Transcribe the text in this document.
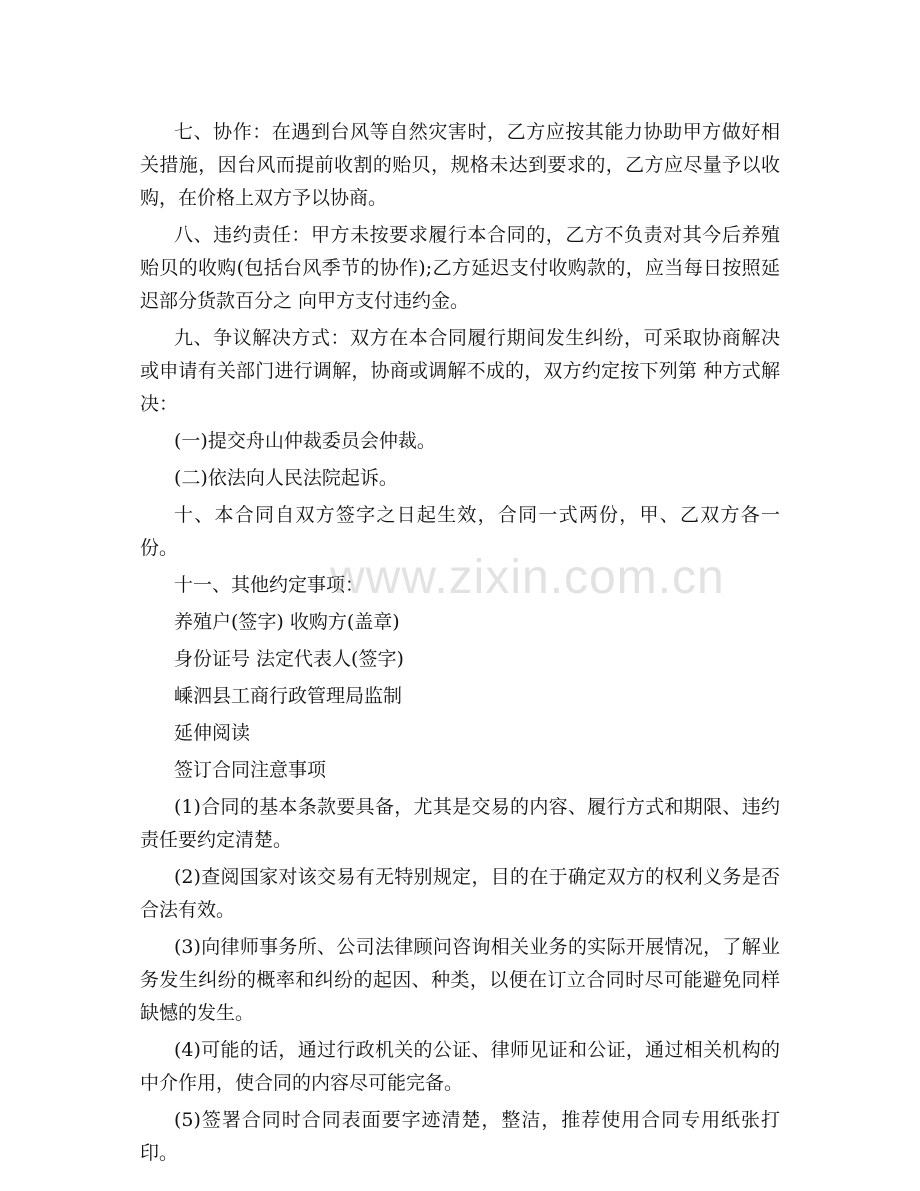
七、协作：在遇到台风等自然灾害时，乙方应按其能力协助甲方做好相关措施，因台风而提前收割的贻贝，规格未达到要求的，乙方应尽量予以收购，在价格上双方予以协商。

八、违约责任：甲方未按要求履行本合同的，乙方不负责对其今后养殖贻贝的收购(包括台风季节的协作);乙方延迟支付收购款的，应当每日按照延迟部分货款百分之 向甲方支付违约金。

九、争议解决方式：双方在本合同履行期间发生纠纷，可采取协商解决或申请有关部门进行调解，协商或调解不成的，双方约定按下列第 种方式解决：

(一)提交舟山仲裁委员会仲裁。

(二)依法向人民法院起诉。

十、本合同自双方签字之日起生效，合同一式两份，甲、乙双方各一份。

十一、其他约定事项：

养殖户(签字) 收购方(盖章)

身份证号 法定代表人(签字)

嵊泗县工商行政管理局监制

延伸阅读

签订合同注意事项

(1)合同的基本条款要具备，尤其是交易的内容、履行方式和期限、违约责任要约定清楚。

(2)查阅国家对该交易有无特别规定，目的在于确定双方的权利义务是否合法有效。

(3)向律师事务所、公司法律顾问咨询相关业务的实际开展情况，了解业务发生纠纷的概率和纠纷的起因、种类，以便在订立合同时尽可能避免同样缺憾的发生。

(4)可能的话，通过行政机关的公证、律师见证和公证，通过相关机构的中介作用，使合同的内容尽可能完备。

(5)签署合同时合同表面要字迹清楚，整洁，推荐使用合同专用纸张打印。

www.zixin.com.cn
